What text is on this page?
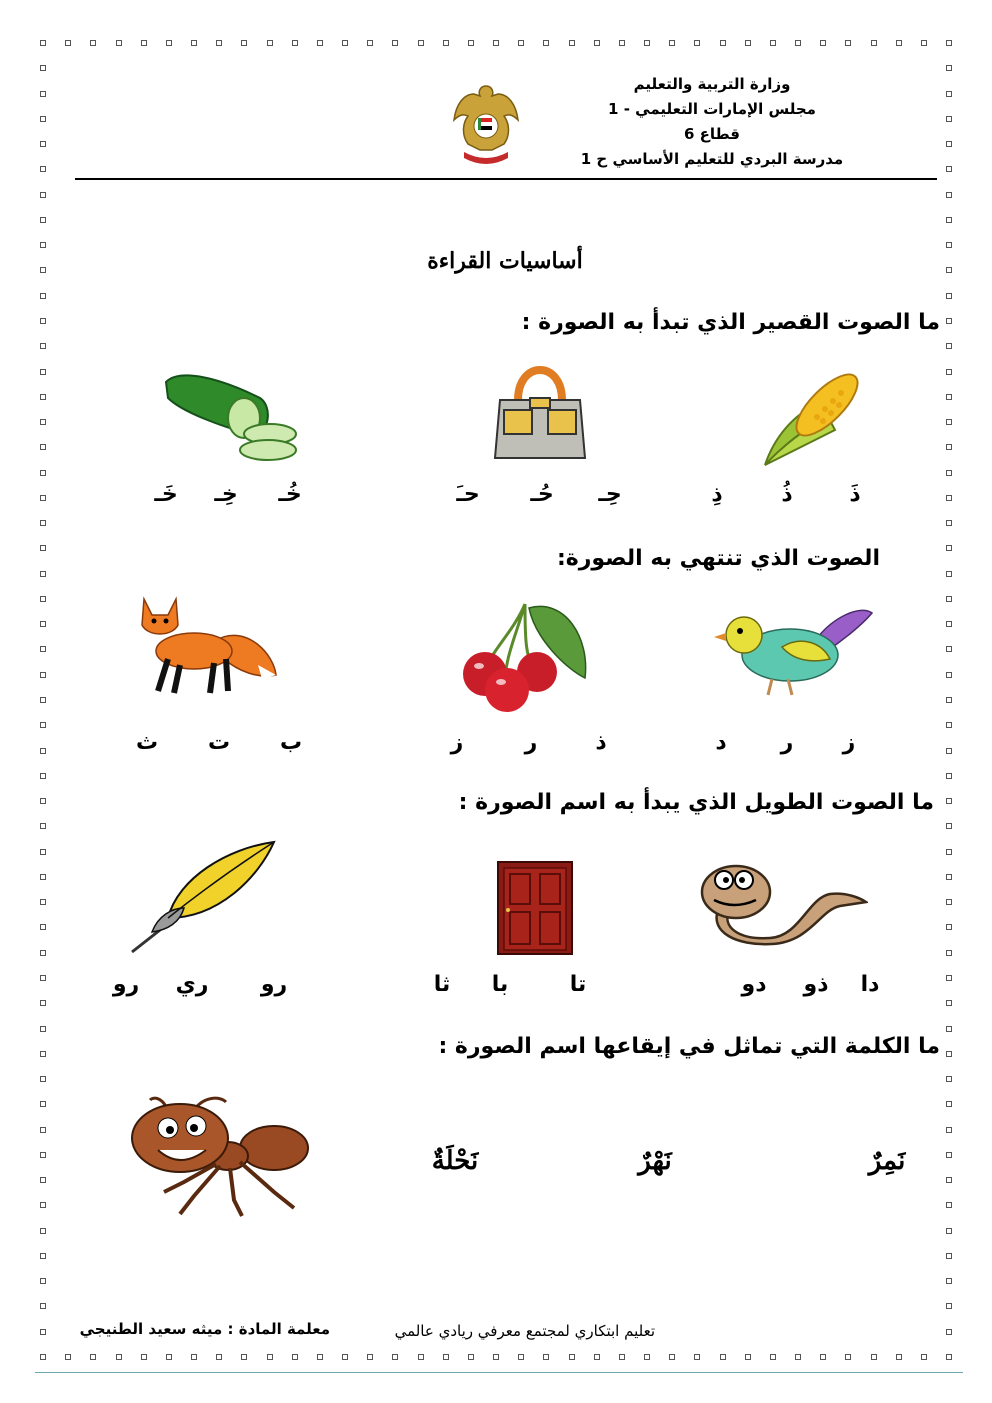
وزارة التربية والتعليم
مجلس الإمارات التعليمي - 1
قطاع 6
مدرسة البردي للتعليم الأساسي ح 1
أساسيات القراءة
ما الصوت القصير الذي تبدأ به الصورة :
ذَ
ذُ
ذِ
حِـ
حُـ
حـَ
خُـ
خِـ
خَـ
الصوت الذي تنتهي به الصورة:
ز
ر
د
ذ
ر
ز
ب
ت
ث
ما الصوت الطويل الذي يبدأ به اسم الصورة :
دا
ذو
دو
تا
با
ثا
رو
ري
رو
ما الكلمة التي تماثل في إيقاعها اسم الصورة :
نَمِرٌ
نَهْرٌ
نَحْلَةٌ
معلمة المادة : ميثه سعيد الطنيجي	تعليم ابتكاري لمجتمع معرفي ريادي عالمي
